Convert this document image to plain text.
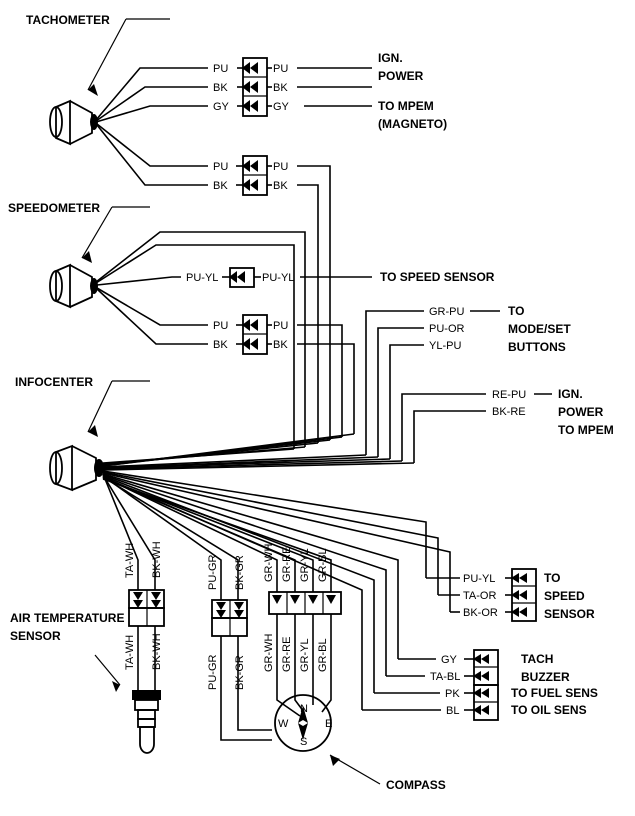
TACHOMETER
PU
BK
GY
PU
BK
GY
IGN.
POWER
TO MPEM
(MAGNETO)
PU
BK
PU
BK
SPEEDOMETER
PU-YL	PU-YL	TO SPEED SENSOR
PU
BK
PU
BK
GR-PU
PU-OR
YL-PU
TO
MODE/SET
BUTTONS
RE-PU
BK-RE
IGN.
POWER
TO MPEM
INFOCENTER
PU-YL
TA-OR
BK-OR
TO
SPEED
SENSOR
GY
TA-BL
PK
BL
TACH
BUZZER
TO FUEL SENS
TO OIL SENS
AIR TEMPERATURE
SENSOR
TA-WH BK-WH
TA-WH BK-WH
PU-GR BK-GR
PU-GR BK-GR
GR-WH GR-RE GR-YL GR-BL
GR-WH GR-RE GR-YL GR-BL
N
S
E
W
COMPASS
